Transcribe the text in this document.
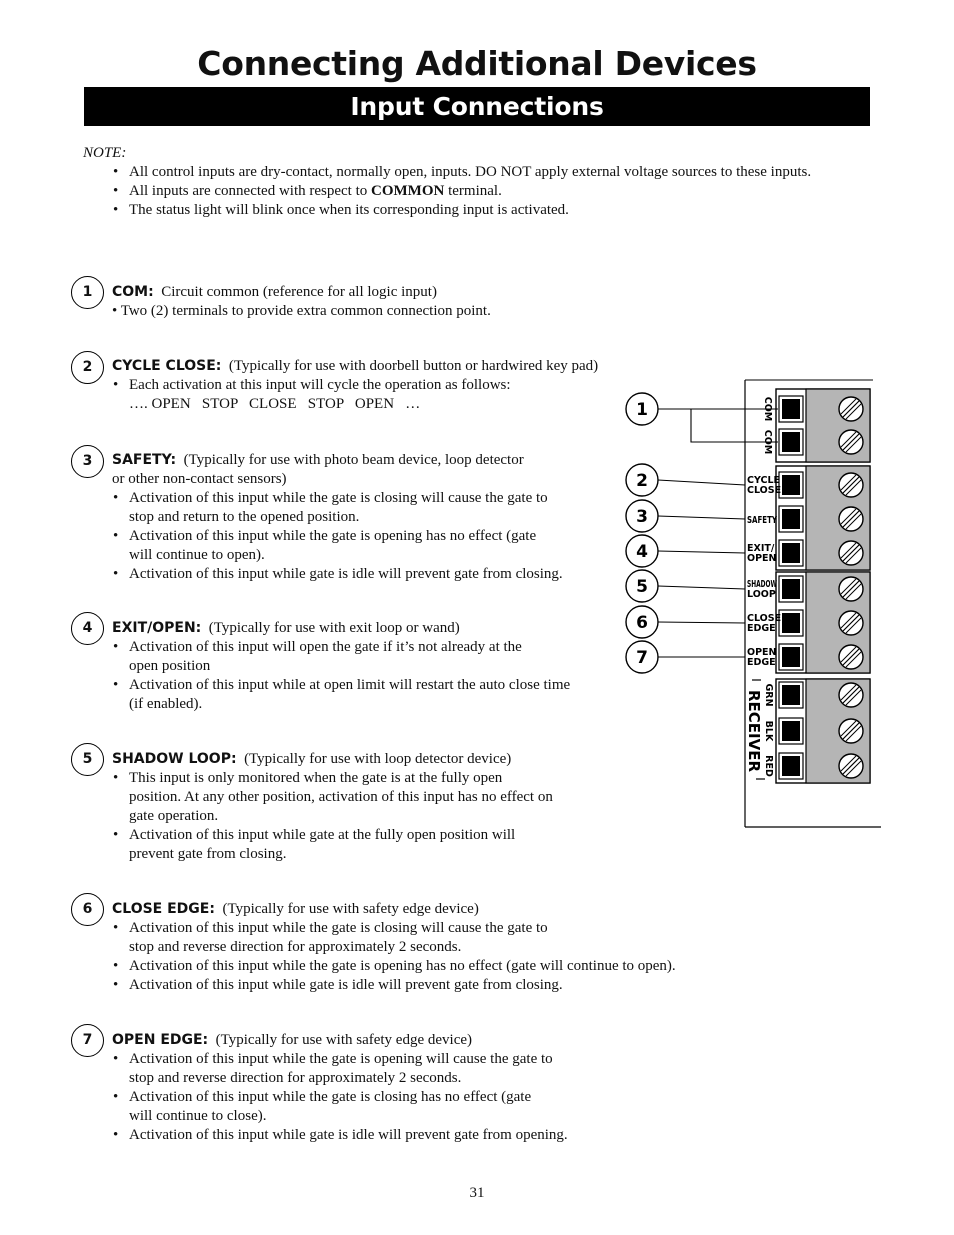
Connecting Additional Devices
Input Connections
NOTE:
• All control inputs are dry-contact, normally open, inputs. DO NOT apply external voltage sources to these inputs.
• All inputs are connected with respect to COMMON terminal.
• The status light will blink once when its corresponding input is activated.
1	COM: Circuit common (reference for all logic input)

• Two (2) terminals to provide extra common connection point.

2	CYCLE CLOSE: (Typically for use with doorbell button or hardwired key pad)

• Each activation at this input will cycle the operation as follows:

…. OPEN   STOP   CLOSE   STOP   OPEN   …

3	SAFETY: (Typically for use with photo beam device, loop detector

or other non-contact sensors)

• Activation of this input while the gate is closing will cause the gate to
stop and return to the opened position.
• Activation of this input while the gate is opening has no effect (gate
will continue to open).
• Activation of this input while gate is idle will prevent gate from closing.
4	EXIT/OPEN: (Typically for use with exit loop or wand)

• Activation of this input will open the gate if it’s not already at the
open position
• Activation of this input while at open limit will restart the auto close time
(if enabled).
5	SHADOW LOOP: (Typically for use with loop detector device)

• This input is only monitored when the gate is at the fully open
position. At any other position, activation of this input has no effect on
gate operation.
• Activation of this input while gate at the fully open position will
prevent gate from closing.
6	CLOSE EDGE: (Typically for use with safety edge device)

• Activation of this input while the gate is closing will cause the gate to
stop and reverse direction for approximately 2 seconds.
• Activation of this input while the gate is opening has no effect (gate will continue to open).
• Activation of this input while gate is idle will prevent gate from closing.
7	OPEN EDGE: (Typically for use with safety edge device)

• Activation of this input while the gate is opening will cause the gate to
stop and reverse direction for approximately 2 seconds.
• Activation of this input while the gate is closing has no effect (gate
will continue to close).
• Activation of this input while gate is idle will prevent gate from opening.
COM
COM
CYCLE
CLOSE
SAFETY
EXIT/
OPEN
SHADOW
LOOP
CLOSE
EDGE
OPEN
EDGE
GRN
BLK
RED
RECEIVER
1
2
3
4
5
6
7
31
